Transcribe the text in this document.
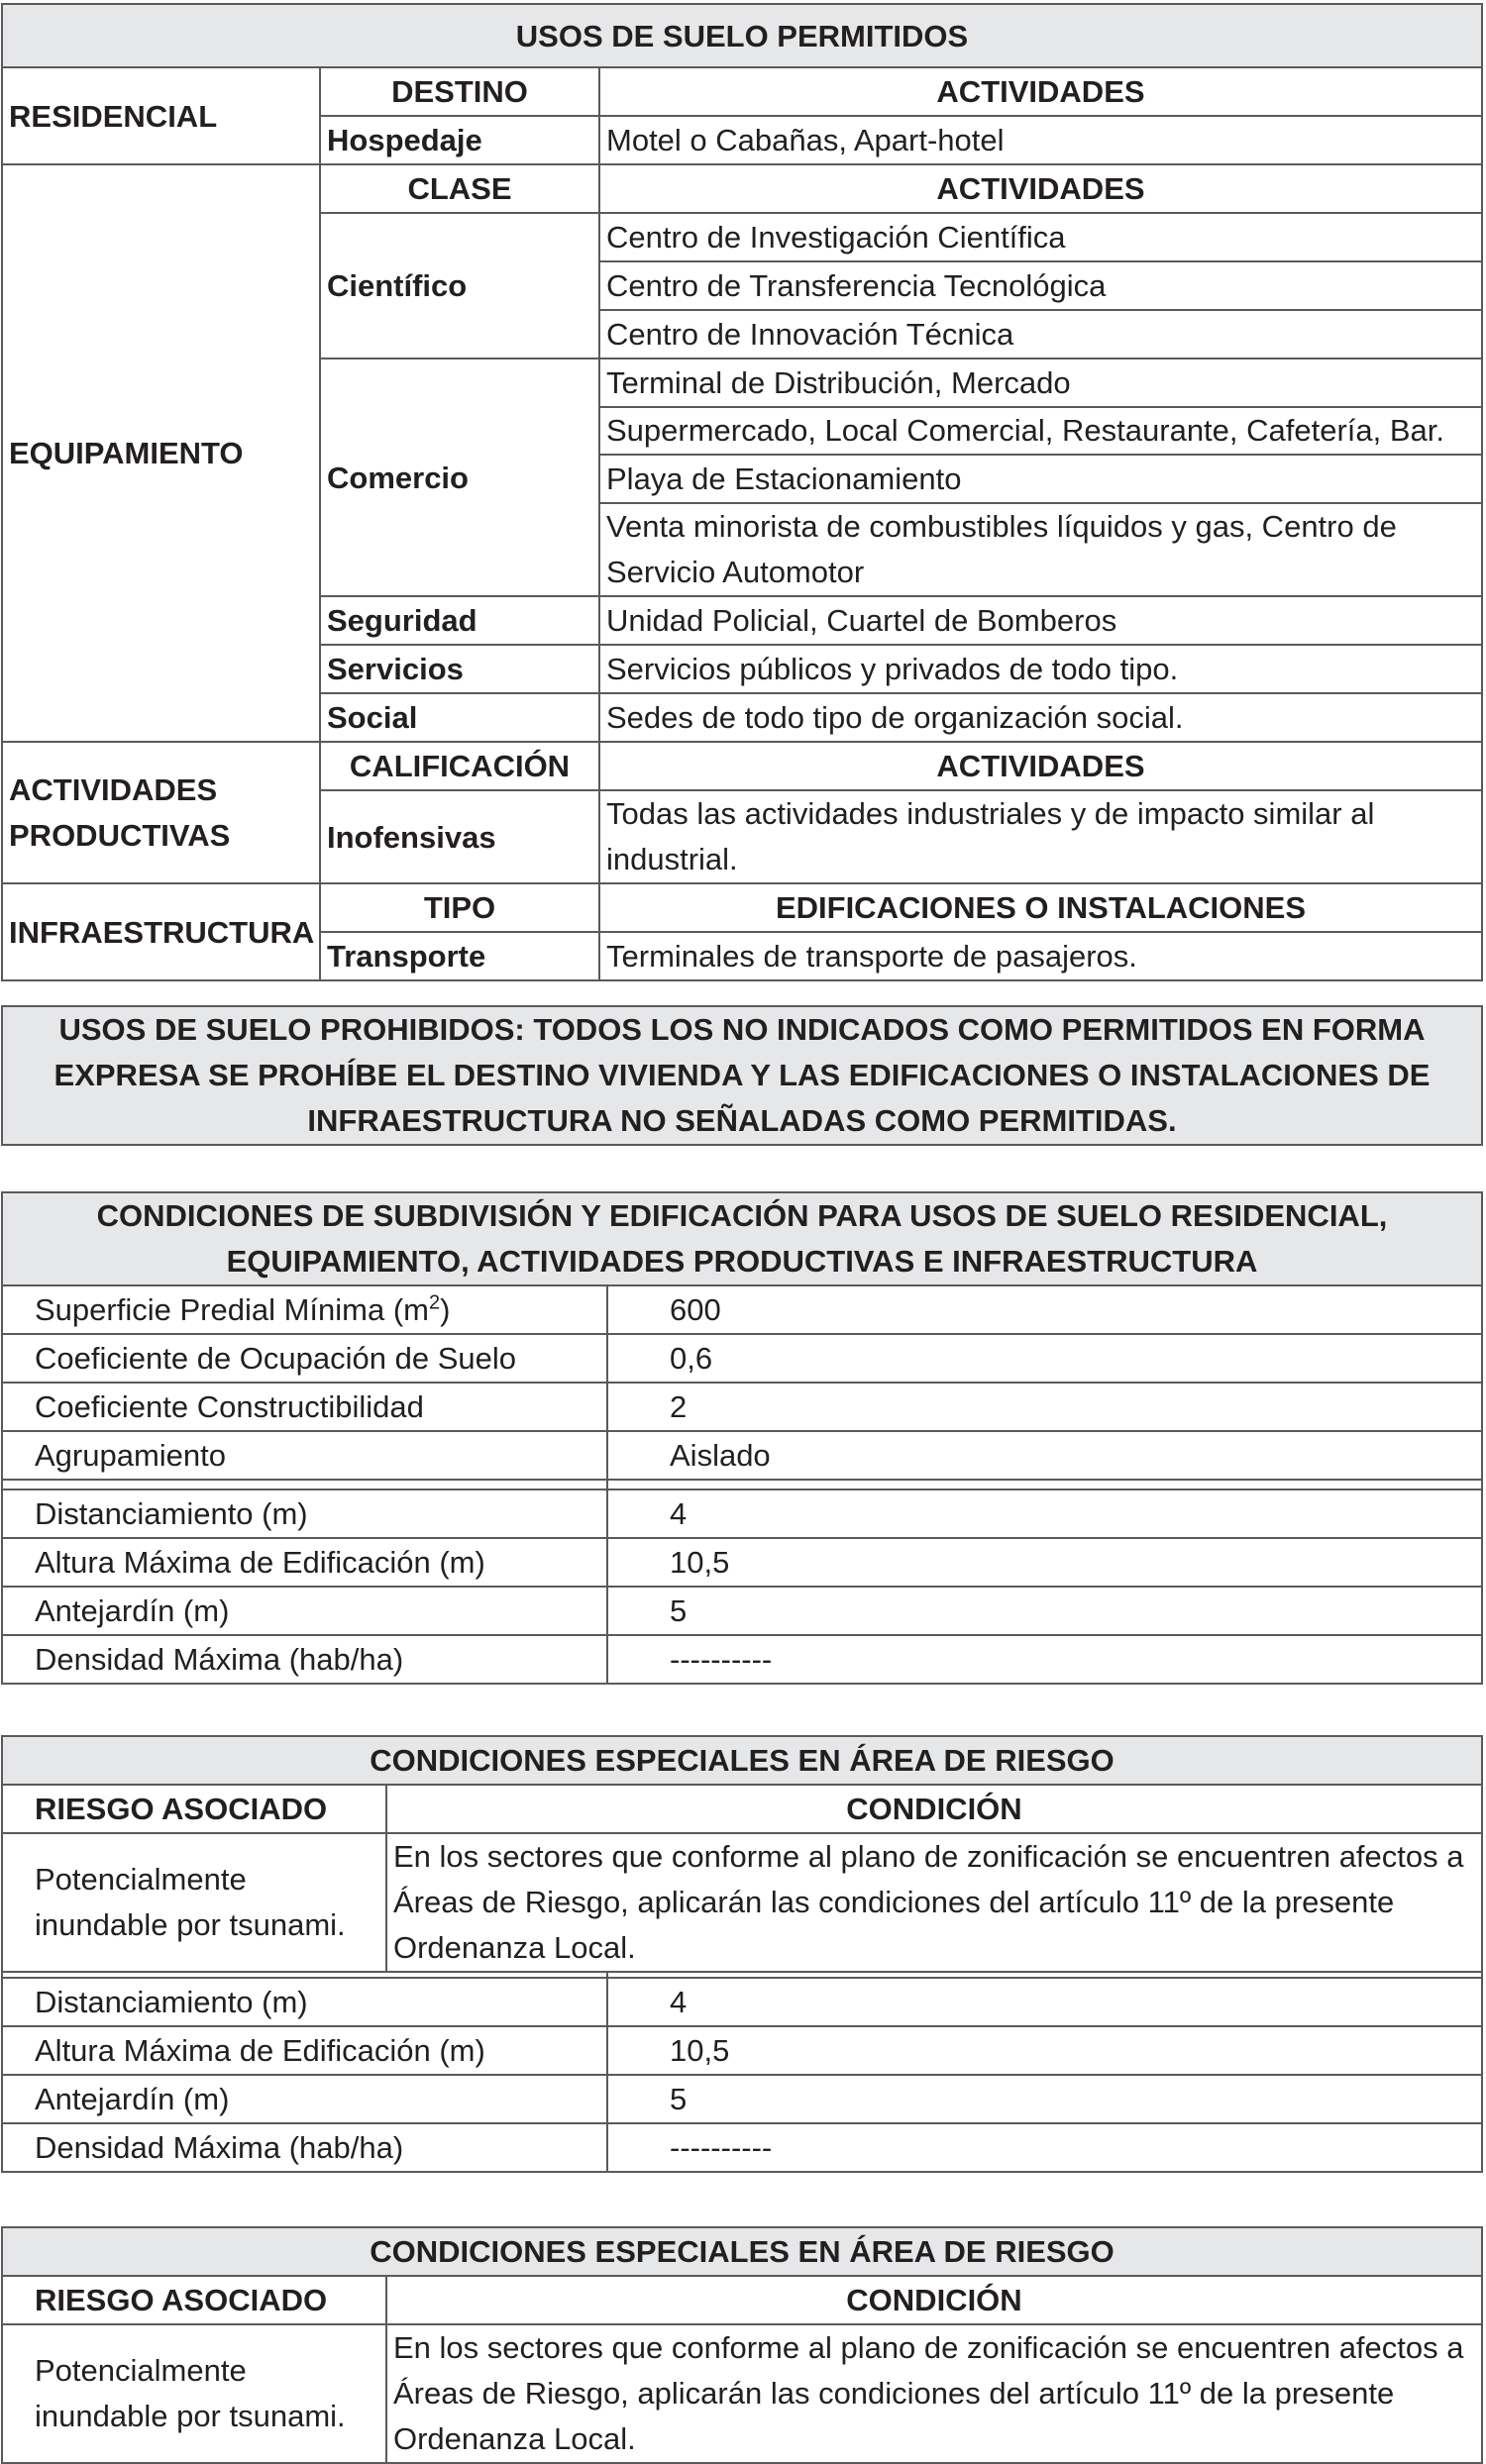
USOS DE SUELO PERMITIDOS		
RESIDENCIAL	DESTINO	ACTIVIDADES
	Hospedaje	Motel o Cabañas, Apart-hotel
EQUIPAMIENTO	CLASE	ACTIVIDADES
	Científico	Centro de Investigación Científica
		Centro de Transferencia Tecnológica
		Centro de Innovación Técnica
	Comercio	Terminal de Distribución, Mercado
		Supermercado, Local Comercial, Restaurante, Cafetería, Bar.

		Playa de Estacionamiento
		Venta minorista de combustibles líquidos y gas, Centro de Servicio Automotor

	Seguridad	Unidad Policial, Cuartel de Bomberos
	Servicios	Servicios públicos y privados de todo tipo.
	Social	Sedes de todo tipo de organización social.
ACTIVIDADES PRODUCTIVAS	CALIFICACIÓN	ACTIVIDADES
	Inofensivas	Todas las actividades industriales y de impacto similar al industrial.

INFRAESTRUCTURA	TIPO	EDIFICACIONES O INSTALACIONES
	Transporte	Terminales de transporte de pasajeros.
USOS DE SUELO PROHIBIDOS: TODOS LOS NO INDICADOS COMO PERMITIDOS EN FORMA EXPRESA SE PROHÍBE EL DESTINO VIVIENDA Y LAS EDIFICACIONES O INSTALACIONES DE INFRAESTRUCTURA NO SEÑALADAS COMO PERMITIDAS.
CONDICIONES DE SUBDIVISIÓN Y EDIFICACIÓN PARA USOS DE SUELO RESIDENCIAL, EQUIPAMIENTO, ACTIVIDADES PRODUCTIVAS E INFRAESTRUCTURA	
Superficie Predial Mínima $(m^2)$	600
Coeficiente de Ocupación de Suelo	0,6
Coeficiente Constructibilidad	2
Agrupamiento	Aislado

Distanciamiento (m)	4
Altura Máxima de Edificación (m)	10,5
Antejardín (m)	5
Densidad Máxima (hab/ha)	----------
CONDICIONES ESPECIALES EN ÁREA DE RIESGO		
RIESGO ASOCIADO	CONDICIÓN	
Potencialmente inundable por tsunami.	En los sectores que conforme al plano de zonificación se encuentren afectos a Áreas de Riesgo, aplicarán las condiciones del artículo 11º de la presente Ordenanza Local.	

Distanciamiento (m)		4
Altura Máxima de Edificación (m)		10,5
Antejardín (m)		5
Densidad Máxima (hab/ha)		----------
CONDICIONES ESPECIALES EN ÁREA DE RIESGO	
RIESGO ASOCIADO	CONDICIÓN
Potencialmente inundable por tsunami.	En los sectores que conforme al plano de zonificación se encuentren afectos a Áreas de Riesgo, aplicarán las condiciones del artículo 11º de la presente Ordenanza Local.
